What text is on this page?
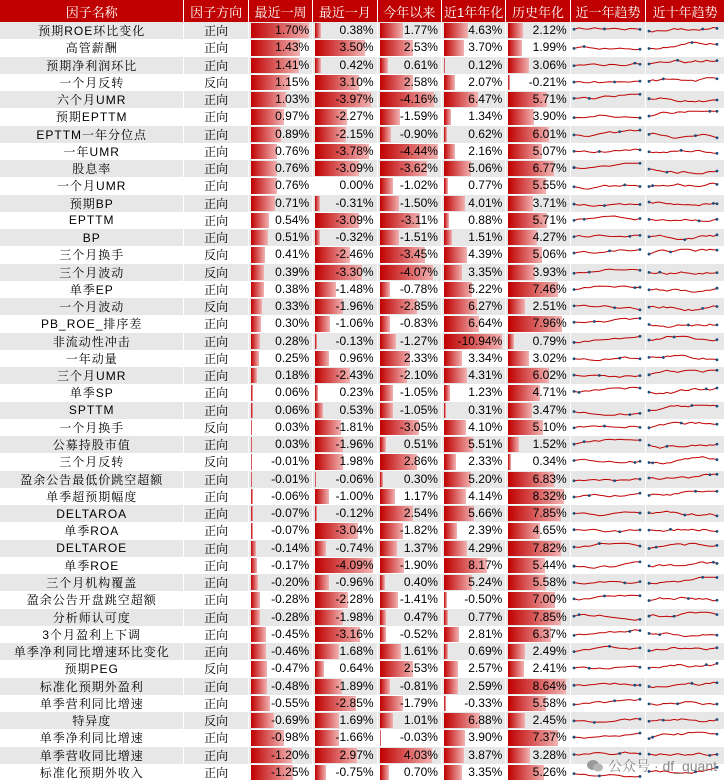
因子名称	因子方向	最近一周	最近一月	今年以来	近1年年化	历史年化	近一年趋势	近十年趋势
预期ROE环比变化	正向	1.70%	0.38%	1.77%	4.63%	2.12%

高管薪酬	正向	1.43%	3.50%	2.53%	3.70%	1.99%

预期净利润环比	正向	1.41%	0.42%	0.61%	0.12%	3.06%

一个月反转	反向	1.15%	3.10%	2.58%	2.07%	-0.21%

六个月UMR	正向	1.03%	-3.97%	-4.16%	6.47%	5.71%

预期EPTTM	正向	0.97%	-2.27%	-1.59%	1.34%	3.90%

EPTTM一年分位点	正向	0.89%	-2.15%	-0.90%	0.62%	6.01%

一年UMR	正向	0.76%	-3.78%	-4.44%	2.16%	5.07%

股息率	正向	0.76%	-3.09%	-3.62%	5.06%	6.77%

一个月UMR	正向	0.76%	0.00%	-1.02%	0.77%	5.55%

预期BP	正向	0.71%	-0.31%	-1.50%	4.01%	3.71%

EPTTM	正向	0.54%	-3.09%	-3.11%	0.88%	5.71%

BP	正向	0.51%	-0.32%	-1.51%	1.51%	4.27%

三个月换手	反向	0.41%	-2.46%	-3.45%	4.39%	5.06%

三个月波动	反向	0.39%	-3.30%	-4.07%	3.35%	3.93%

单季EP	正向	0.38%	-1.48%	-0.78%	5.22%	7.46%

一个月波动	反向	0.33%	-1.96%	-2.85%	6.27%	2.51%

PB_ROE_排序差	正向	0.30%	-1.06%	-0.83%	6.64%	7.96%

非流动性冲击	正向	0.28%	-0.13%	-1.27%	-10.94%	0.79%

一年动量	正向	0.25%	0.96%	2.33%	3.34%	3.02%

三个月UMR	正向	0.18%	-2.43%	-2.10%	4.31%	6.02%

单季SP	正向	0.06%	0.23%	-1.05%	1.23%	4.71%

SPTTM	正向	0.06%	0.53%	-1.05%	0.31%	3.47%

一个月换手	反向	0.03%	-1.81%	-3.05%	4.10%	5.10%

公募持股市值	正向	0.03%	-1.96%	0.51%	5.51%	1.52%

三个月反转	反向	-0.01%	1.98%	2.86%	2.33%	0.34%

盈余公告最低价跳空超额	正向	-0.01%	-0.06%	0.30%	5.20%	6.83%

单季超预期幅度	正向	-0.06%	-1.00%	1.17%	4.14%	8.32%

DELTAROA	正向	-0.07%	-0.12%	2.54%	5.66%	7.85%

单季ROA	正向	-0.07%	-3.04%	-1.82%	2.39%	4.65%

DELTAROE	正向	-0.14%	-0.74%	1.37%	4.29%	7.82%

单季ROE	正向	-0.17%	-4.09%	-1.90%	8.17%	5.44%

三个月机构覆盖	正向	-0.20%	-0.96%	0.40%	5.24%	5.58%

盈余公告开盘跳空超额	正向	-0.28%	-2.28%	-1.41%	-0.50%	7.00%

分析师认可度	正向	-0.28%	-1.98%	0.47%	0.77%	7.85%

3个月盈利上下调	正向	-0.45%	-3.16%	-0.52%	2.81%	6.37%

单季净利同比增速环比变化	正向	-0.46%	1.68%	1.61%	0.69%	2.49%

预期PEG	反向	-0.47%	0.64%	2.53%	2.57%	2.41%

标准化预期外盈利	正向	-0.48%	-1.89%	-0.81%	2.59%	8.64%

单季营利同比增速	正向	-0.55%	-2.85%	-1.79%	-0.33%	5.58%

特异度	反向	-0.69%	1.69%	1.01%	6.88%	2.45%

单季净利同比增速	正向	-0.98%	-1.66%	-0.03%	3.90%	7.37%

单季营收同比增速	正向	-1.20%	2.97%	4.03%	3.87%	3.28%

标准化预期外收入	正向	-1.25%	-0.75%	0.70%	3.35%	5.26%

		公众号 · df_quant
